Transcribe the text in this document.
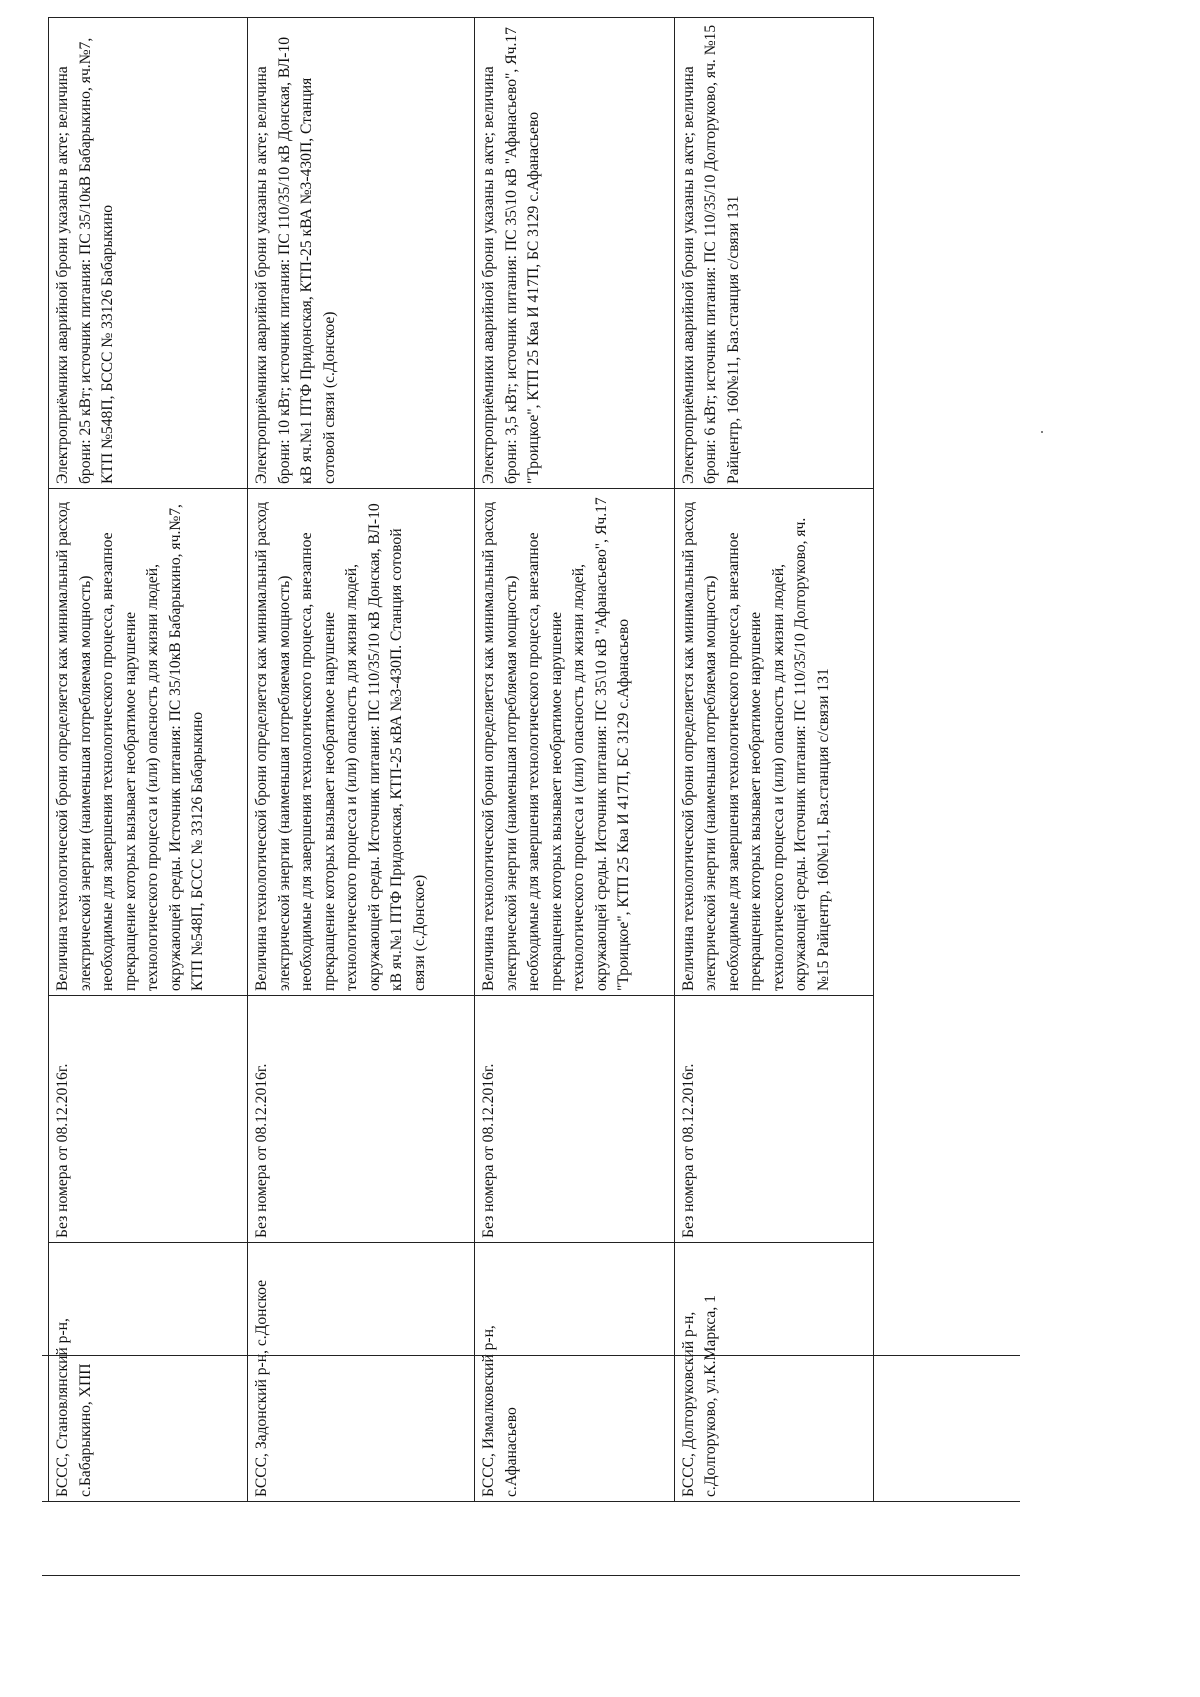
БССС, Становлянский р-н, с.Бабарыкино, ХПП	Без номера от 08.12.2016г.	Величина технологической брони определяется как минимальный расход электрической энергии (наименьшая потребляемая мощность) необходимые для завершения технологического процесса, внезапное прекращение которых вызывает необратимое нарушение технологического процесса и (или) опасность для жизни людей, окружающей среды. Источник питания: ПС 35/10кВ Бабарыкино, яч.№7, КТП №548П, БССС № 33126 Бабарыкино	Электроприёмники аварийной брони указаны в акте; величина брони: 25 кВт; источник питания: ПС 35/10кВ Бабарыкино, яч.№7, КТП №548П, БССС № 33126 Бабарыкино
БССС, Задонский р-н, с.Донское	Без номера от 08.12.2016г.	Величина технологической брони определяется как минимальный расход электрической энергии (наименьшая потребляемая мощность) необходимые для завершения технологического процесса, внезапное прекращение которых вызывает необратимое нарушение технологического процесса и (или) опасность для жизни людей, окружающей среды. Источник питания: ПС 110/35/10 кВ Донская, ВЛ-10 кВ яч.№1 ПТФ Придонская, КТП-25 кВА №3-430П. Станция сотовой связи (с.Донское)	Электроприёмники аварийной брони указаны в акте; величина брони: 10 кВт; источник питания: ПС 110/35/10 кВ Донская, ВЛ-10 кВ яч.№1 ПТФ Придонская, КТП-25 кВА №3-430П, Станция сотовой связи (с.Донское)
БССС, Измалковский р-н, с.Афанасьево	Без номера от 08.12.2016г.	Величина технологической брони определяется как минимальный расход электрической энергии (наименьшая потребляемая мощность) необходимые для завершения технологического процесса, внезапное прекращение которых вызывает необратимое нарушение технологического процесса и (или) опасность для жизни людей, окружающей среды. Источник питания: ПС 35\10 кВ "Афанасьево", Яч.17 "Троицкое", КТП 25 Ква И 417П, БС 3129 с.Афанасьево	Электроприёмники аварийной брони указаны в акте; величина брони: 3,5 кВт; источник питания: ПС 35\10 кВ "Афанасьево", Яч.17 "Троицкое", КТП 25 Ква И 417П, БС 3129 с.Афанасьево
БССС, Долгоруковский р-н, с.Долгоруково, ул.К.Маркса, 1	Без номера от 08.12.2016г.	Величина технологической брони определяется как минимальный расход электрической энергии (наименьшая потребляемая мощность) необходимые для завершения технологического процесса, внезапное прекращение которых вызывает необратимое нарушение технологического процесса и (или) опасность для жизни людей, окружающей среды. Источник питания: ПС 110/35/10 Долгоруково, яч. №15 Райцентр, 160№11, Баз.станция с/связи 131	Электроприёмники аварийной брони указаны в акте; величина брони: 6 кВт; источник питания: ПС 110/35/10 Долгоруково, яч. №15 Райцентр, 160№11, Баз.станция с/связи 131
